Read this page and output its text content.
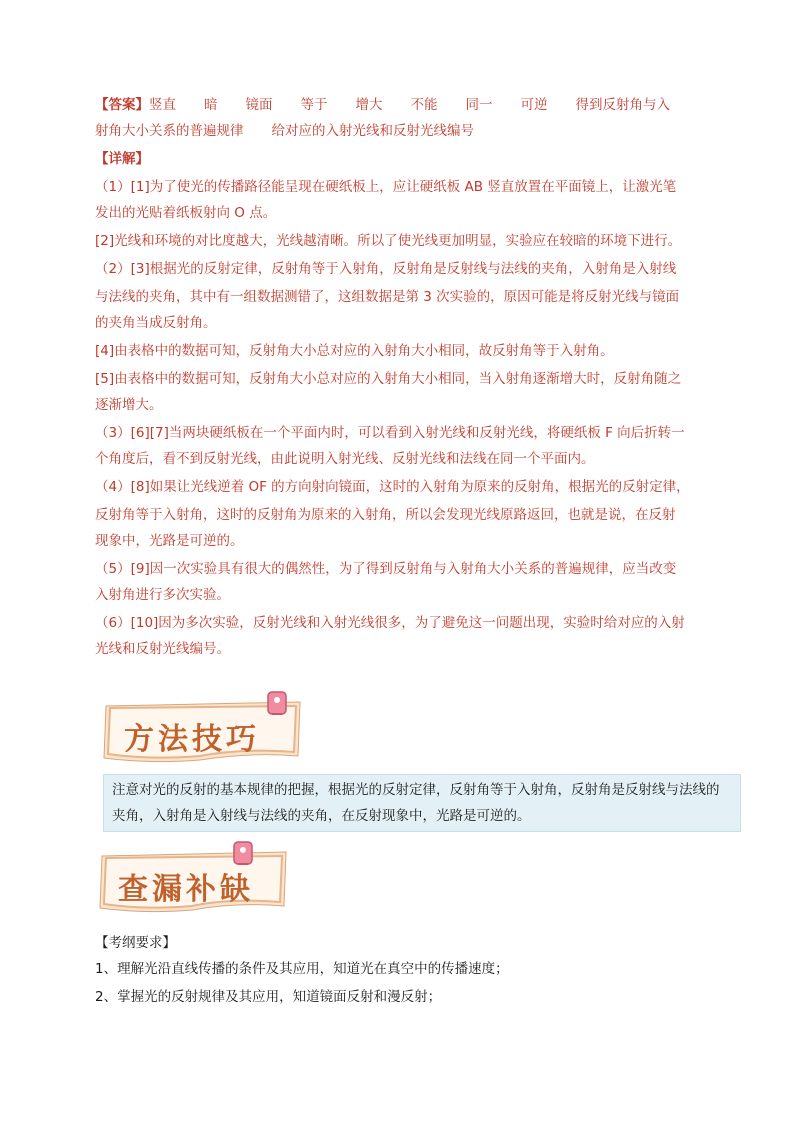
【答案】竖直 暗 镜面 等于 增大 不能 同一 可逆 得到反射角与入
射角大小关系的普遍规律 给对应的入射光线和反射光线编号
【详解】
（1）[1]为了使光的传播路径能呈现在硬纸板上，应让硬纸板 AB 竖直放置在平面镜上，让激光笔
发出的光贴着纸板射向 O 点。
[2]光线和环境的对比度越大，光线越清晰。所以了使光线更加明显，实验应在较暗的环境下进行。
（2）[3]根据光的反射定律，反射角等于入射角，反射角是反射线与法线的夹角，入射角是入射线
与法线的夹角，其中有一组数据测错了，这组数据是第 3 次实验的，原因可能是将反射光线与镜面
的夹角当成反射角。
[4]由表格中的数据可知，反射角大小总对应的入射角大小相同，故反射角等于入射角。
[5]由表格中的数据可知，反射角大小总对应的入射角大小相同，当入射角逐渐增大时，反射角随之
逐渐增大。
（3）[6][7]当两块硬纸板在一个平面内时，可以看到入射光线和反射光线，将硬纸板 F 向后折转一
个角度后，看不到反射光线，由此说明入射光线、反射光线和法线在同一个平面内。
（4）[8]如果让光线逆着 OF 的方向射向镜面，这时的入射角为原来的反射角，根据光的反射定律，
反射角等于入射角，这时的反射角为原来的入射角，所以会发现光线原路返回，也就是说，在反射
现象中，光路是可逆的。
（5）[9]因一次实验具有很大的偶然性，为了得到反射角与入射角大小关系的普遍规律，应当改变
入射角进行多次实验。
（6）[10]因为多次实验，反射光线和入射光线很多，为了避免这一问题出现，实验时给对应的入射
光线和反射光线编号。
方法技巧
注意对光的反射的基本规律的把握，根据光的反射定律，反射角等于入射角，反射角是反射线与法线的
夹角，入射角是入射线与法线的夹角，在反射现象中，光路是可逆的。
查漏补缺
【考纲要求】
1、理解光沿直线传播的条件及其应用，知道光在真空中的传播速度；
2、掌握光的反射规律及其应用，知道镜面反射和漫反射；
